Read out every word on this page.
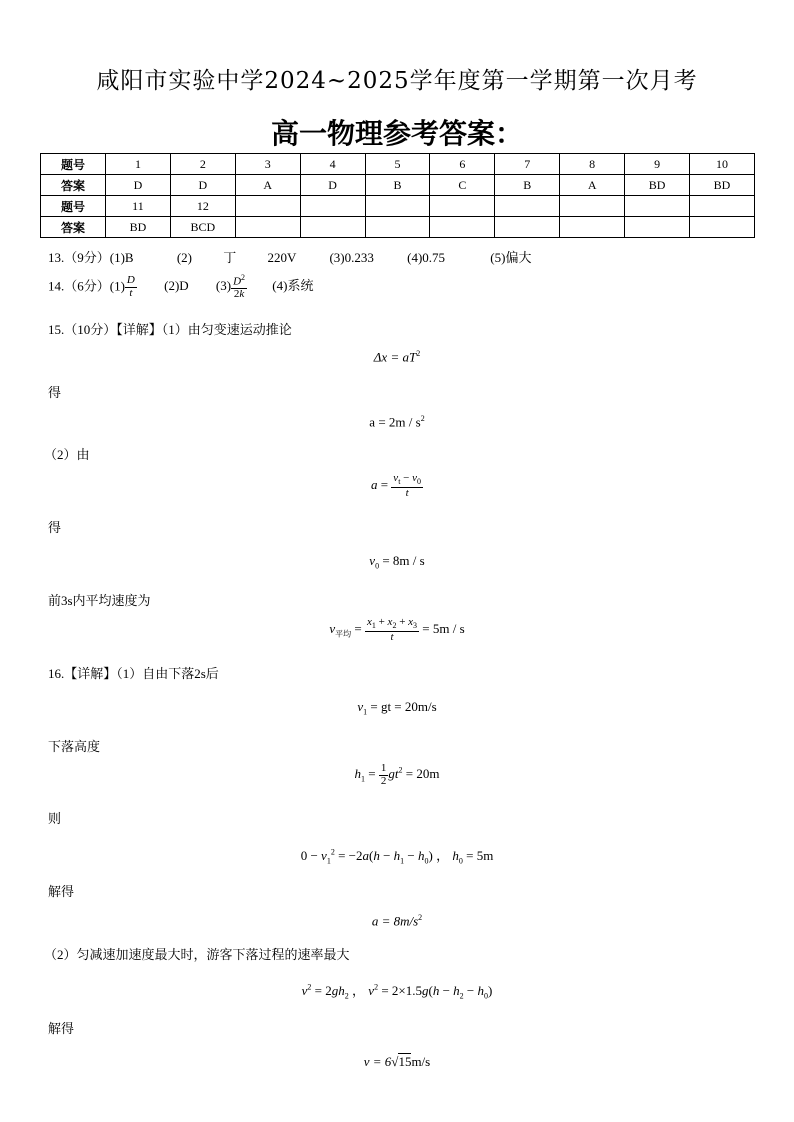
咸阳市实验中学2024~2025学年度第一学期第一次月考
高一物理参考答案：
题号	1	2	3	4	5	6	7	8	9	10
答案	D	D	A	D	B	C	B	A	BD	BD
题号	11	12								
答案	BD	BCD								
13.（9分）(1)B	(2) 丁 220V	(3)0.233	(4)0.75	(5)偏大
14.（6分）$(1) \frac{D}{t} (2)D$ $(3) \frac{D^2}{2k} (4)$系统
15.（10分）【详解】（1）由匀变速运动推论
$\Delta x = aT^2$
得
$a = 2m / s^2$
（2）由
$a = \frac{v_t - v_0}{t}$
得
$v_0 = 8m / s$
前3s内平均速度为
$v_{平均} = \frac{x_1 + x_2 + x_3}{t} = 5m / s$
16.【详解】（1）自由下落2s后
$v_1$ = gt = 20m/s
下落高度
$h_1 = \frac{1}{2} gt^2 = 20m$
则
$0 - v_1^2 = -2a(h - h_1 - h_0)$ ， $h_0 = 5m$
解得
$a = 8m/s^2$
（2）匀减速加速度最大时，游客下落过程的速率最大
$v^2 = 2gh_2$ ， $v^2 = 2\times 1.5g(h - h_2 - h_0)$
解得
v = 6√15m/s
